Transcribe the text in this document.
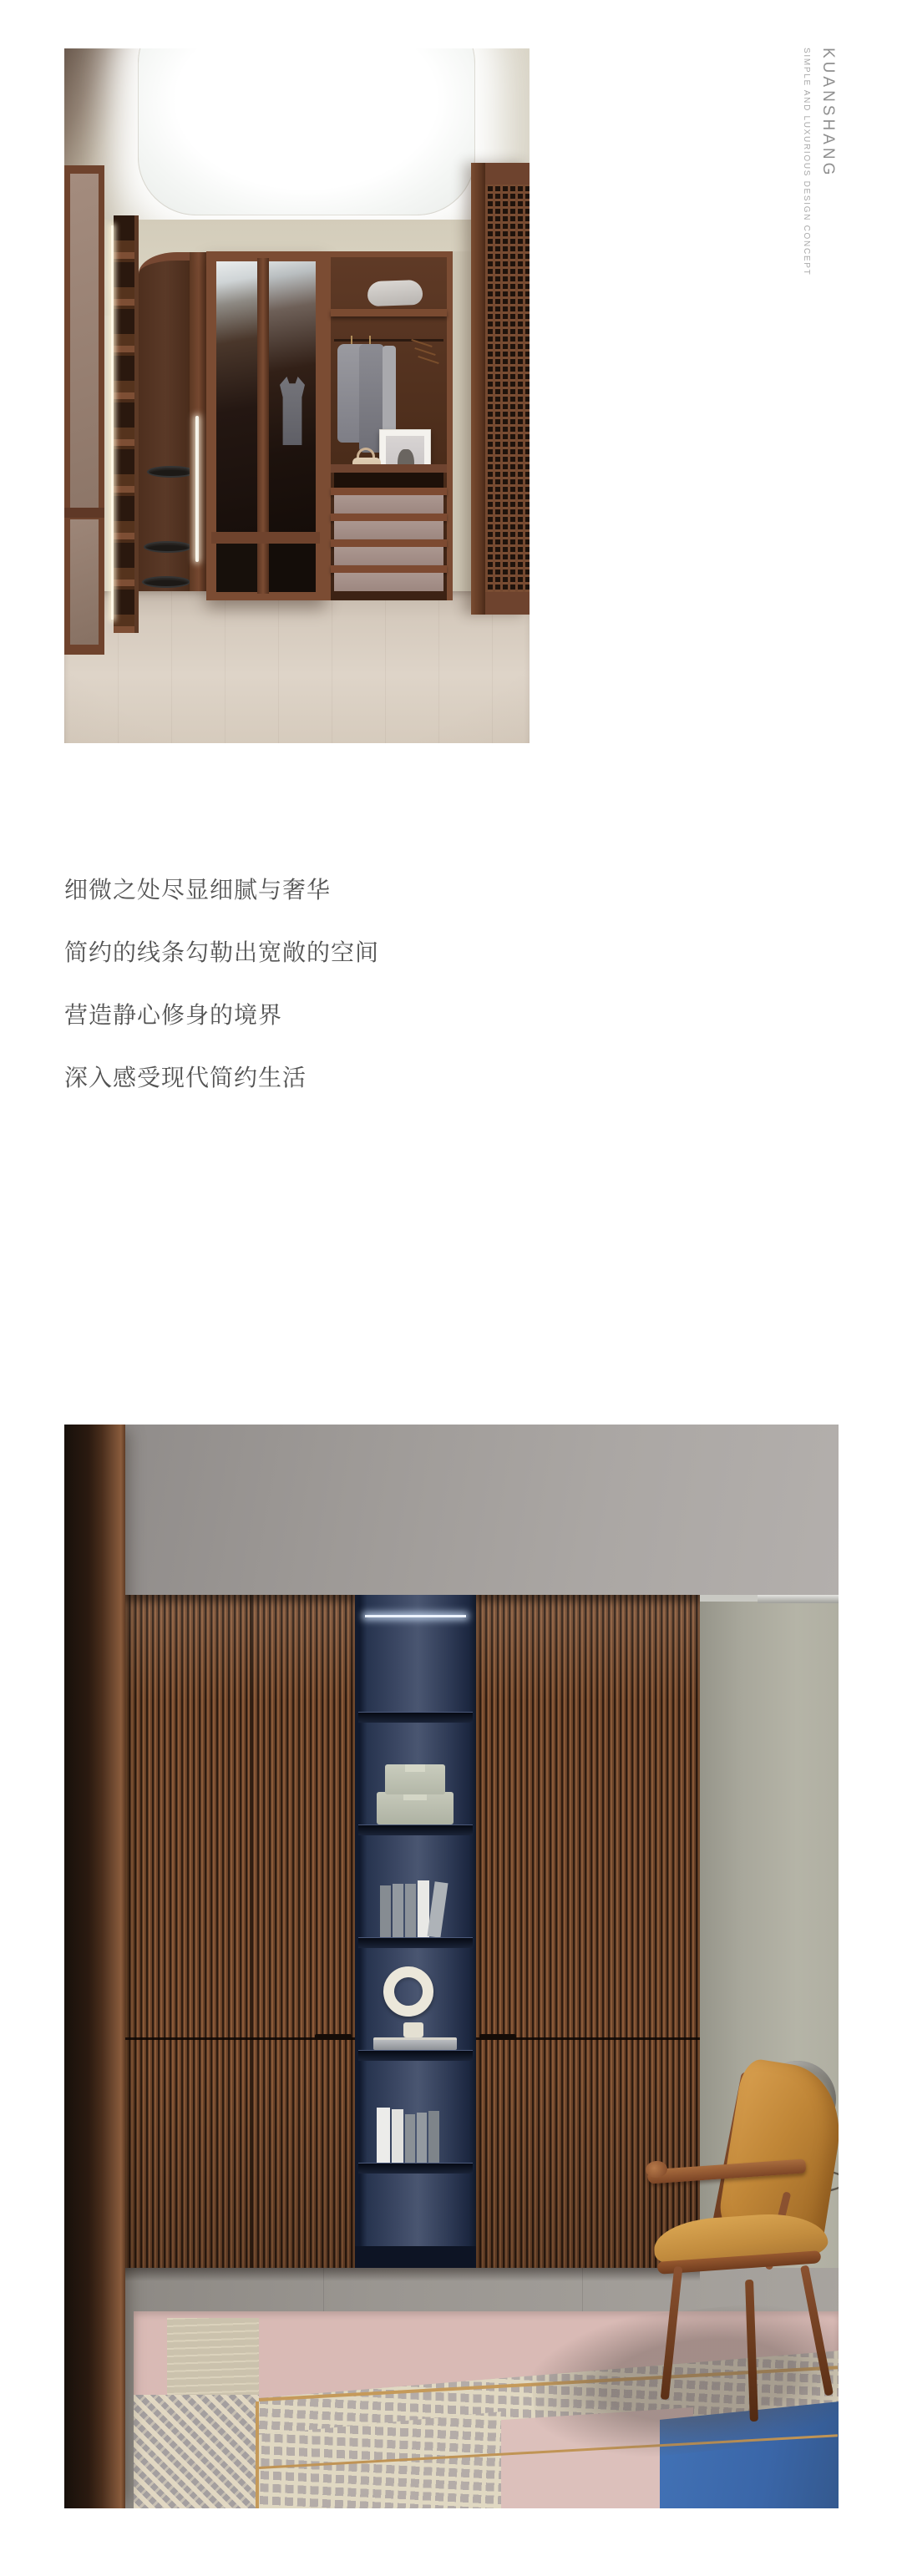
KUANSHANG
SIMPLE AND LUXURIOUS DESIGN CONCEPT

细微之处尽显细腻与奢华

简约的线条勾勒出宽敞的空间

营造静心修身的境界

深入感受现代简约生活
